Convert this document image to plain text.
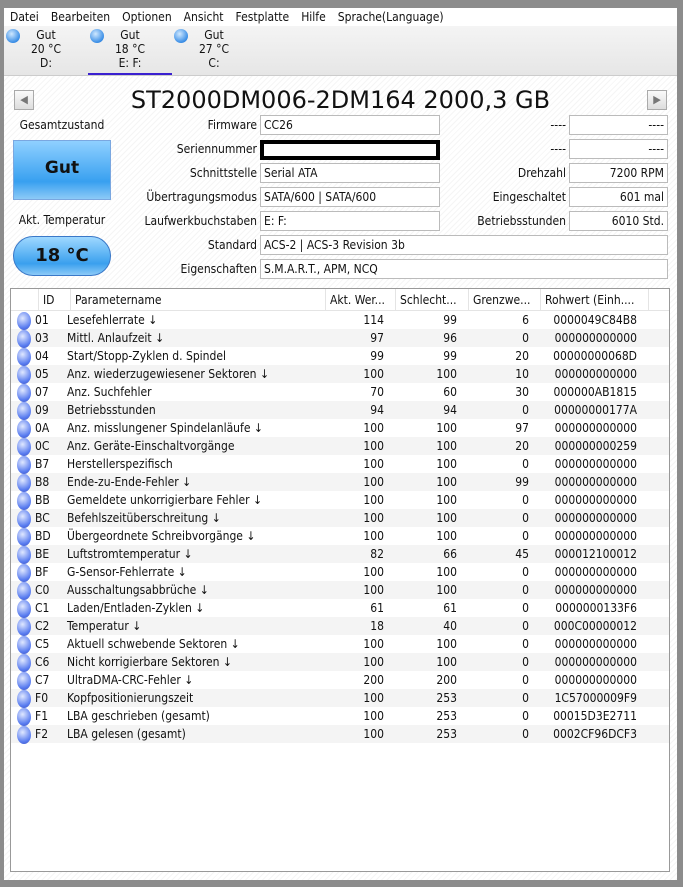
Datei Bearbeiten Optionen Ansicht Festplatte Hilfe Sprache(Language)
Gut
20 °C
D:
Gut
18 °C
E: F:
Gut
27 °C
C:
◀	ST2000DM006-2DM164 2000,3 GB	▶
Gesamtzustand
Gut
Akt. Temperatur
18 °C
Firmware CC26
Seriennummer
Schnittstelle Serial ATA
Übertragungsmodus SATA/600 | SATA/600
Laufwerkbuchstaben E: F:
Standard ACS-2 | ACS-3 Revision 3b
Eigenschaften S.M.A.R.T., APM, NCQ
----	----
----	----
Drehzahl	7200 RPM
Eingeschaltet	601 mal
Betriebsstunden	6010 Std.
ID	Parametername	Akt. Wer...	Schlecht...	Grenzwe...	Rohwert (Einh....
01	Lesefehlerrate ↓	114	99	6	0000049C84B8
03	Mittl. Anlaufzeit ↓	97	96	0	000000000000
04	Start/Stopp-Zyklen d. Spindel	99	99	20	00000000068D
05	Anz. wiederzugewiesener Sektoren ↓	100	100	10	000000000000
07	Anz. Suchfehler	70	60	30	000000AB1815
09	Betriebsstunden	94	94	0	00000000177A
0A	Anz. misslungener Spindelanläufe ↓	100	100	97	000000000000
0C	Anz. Geräte-Einschaltvorgänge	100	100	20	000000000259
B7	Herstellerspezifisch	100	100	0	000000000000
B8	Ende-zu-Ende-Fehler ↓	100	100	99	000000000000
BB	Gemeldete unkorrigierbare Fehler ↓	100	100	0	000000000000
BC	Befehlszeitüberschreitung ↓	100	100	0	000000000000
BD	Übergeordnete Schreibvorgänge ↓	100	100	0	000000000000
BE	Luftstromtemperatur ↓	82	66	45	000012100012
BF	G-Sensor-Fehlerrate ↓	100	100	0	000000000000
C0	Ausschaltungsabbrüche ↓	100	100	0	000000000000
C1	Laden/Entladen-Zyklen ↓	61	61	0	0000000133F6
C2	Temperatur ↓	18	40	0	000C00000012
C5	Aktuell schwebende Sektoren ↓	100	100	0	000000000000
C6	Nicht korrigierbare Sektoren ↓	100	100	0	000000000000
C7	UltraDMA-CRC-Fehler ↓	200	200	0	000000000000
F0	Kopfpositionierungszeit	100	253	0	1C57000009F9
F1	LBA geschrieben (gesamt)	100	253	0	00015D3E2711
F2	LBA gelesen (gesamt)	100	253	0	0002CF96DCF3
